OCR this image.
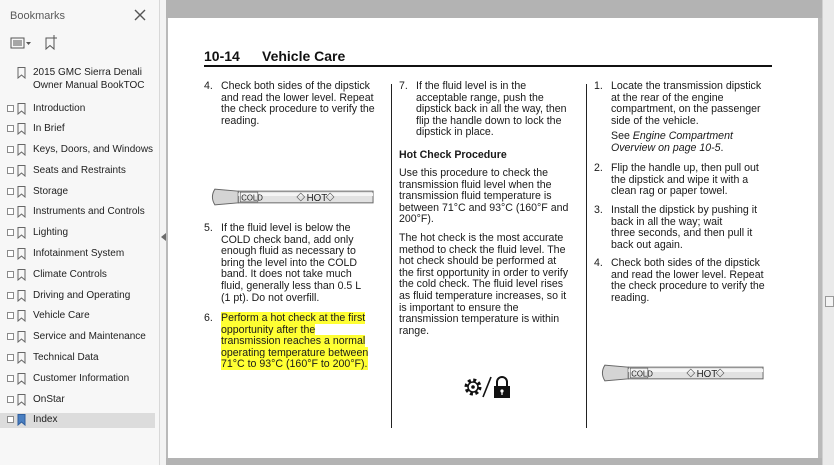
Bookmarks
2015 GMC Sierra Denali Owner Manual BookTOC
Introduction
In Brief
Keys, Doors, and Windows
Seats and Restraints
Storage
Instruments and Controls
Lighting
Infotainment System
Climate Controls
Driving and Operating
Vehicle Care
Service and Maintenance
Technical Data
Customer Information
OnStar
Index
10-14 Vehicle Care
4. Check both sides of the dipstick
and read the lower level. Repeat
the check procedure to verify the
reading.
COLD	HOT
5. If the fluid level is below the
COLD check band, add only
enough fluid as necessary to
bring the level into the COLD
band. It does not take much
fluid, generally less than 0.5 L
(1 pt). Do not overfill.
6. Perform a hot check at the first
opportunity after the
transmission reaches a normal
operating temperature between
71°C to 93°C (160°F to 200°F).
7. If the fluid level is in the
acceptable range, push the
dipstick back in all the way, then
flip the handle down to lock the
dipstick in place.
Hot Check Procedure
Use this procedure to check the
transmission fluid level when the
transmission fluid temperature is
between 71°C and 93°C (160°F and
200°F).
The hot check is the most accurate
method to check the fluid level. The
hot check should be performed at
the first opportunity in order to verify
the cold check. The fluid level rises
as fluid temperature increases, so it
is important to ensure the
transmission temperature is within
range.
1. Locate the transmission dipstick
at the rear of the engine
compartment, on the passenger
side of the vehicle.
See Engine Compartment
Overview on page 10-5.
2. Flip the handle up, then pull out
the dipstick and wipe it with a
clean rag or paper towel.
3. Install the dipstick by pushing it
back in all the way; wait
three seconds, and then pull it
back out again.
4. Check both sides of the dipstick
and read the lower level. Repeat
the check procedure to verify the
reading.
COLD	HOT
